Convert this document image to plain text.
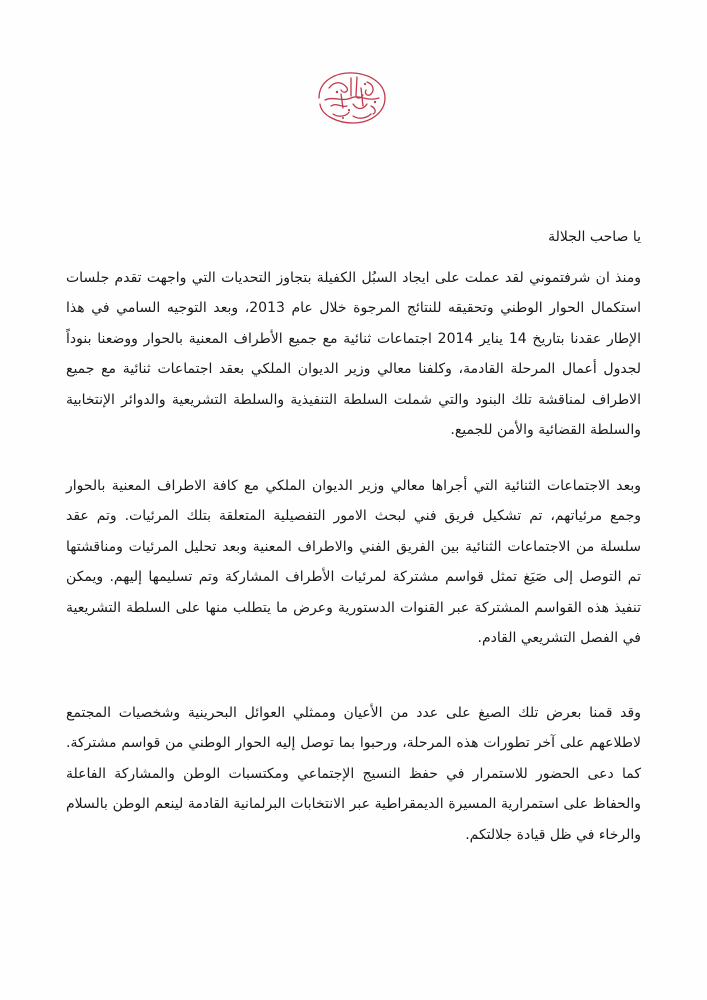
يا صاحب الجلالة

ومنذ ان شرفتموني لقد عملت على ايجاد السبُل الكفيلة بتجاوز التحديات التي واجهت تقدم جلسات استكمال الحوار الوطني وتحقيقه للنتائج المرجوة خلال عام 2013، وبعد التوجيه السامي في هذا الإطار عقدنا بتاريخ 14 يناير 2014 اجتماعات ثنائية مع جميع الأطراف المعنية بالحوار ووضعنا بنوداً لجدول أعمال المرحلة القادمة، وكلفنا معالي وزير الديوان الملكي بعقد اجتماعات ثنائية مع جميع الاطراف لمناقشة تلك البنود والتي شملت السلطة التنفيذية والسلطة التشريعية والدوائر الإنتخابية والسلطة القضائية والأمن للجميع.

وبعد الاجتماعات الثنائية التي أجراها معالي وزير الديوان الملكي مع كافة الاطراف المعنية بالحوار وجمع مرئياتهم، تم تشكيل فريق فني لبحث الامور التفصيلية المتعلقة بتلك المرئيات. وتم عقد سلسلة من الاجتماعات الثنائية بين الفريق الفني والاطراف المعنية وبعد تحليل المرئيات ومناقشتها تم التوصل إلى صَيَغ تمثل قواسم مشتركة لمرئيات الأطراف المشاركة وتم تسليمها إليهم. ويمكن تنفيذ هذه القواسم المشتركة عبر القنوات الدستورية وعرض ما يتطلب منها على السلطة التشريعية في الفصل التشريعي القادم.

وقد قمنا بعرض تلك الصيغ على عدد من الأعيان وممثلي العوائل البحرينية وشخصيات المجتمع لاطلاعهم على آخر تطورات هذه المرحلة، ورحبوا بما توصل إليه الحوار الوطني من قواسم مشتركة. كما دعى الحضور للاستمرار في حفظ النسيج الإجتماعي ومكتسبات الوطن والمشاركة الفاعلة والحفاظ على استمرارية المسيرة الديمقراطية عبر الانتخابات البرلمانية القادمة لينعم الوطن بالسلام والرخاء في ظل قيادة جلالتكم.
